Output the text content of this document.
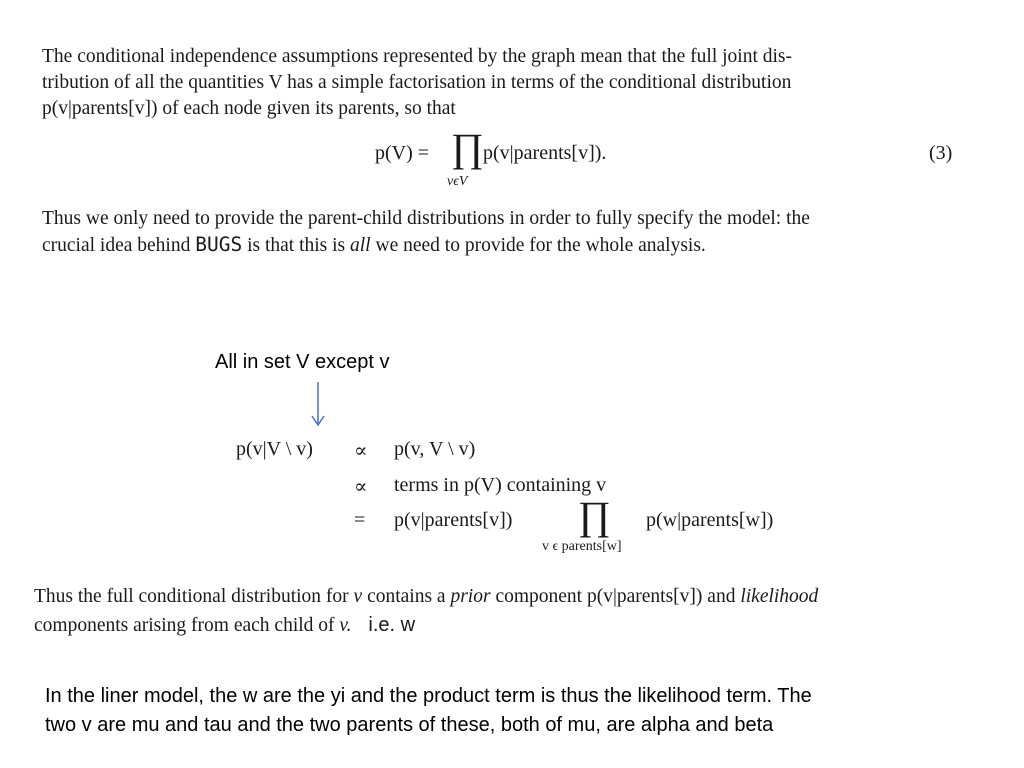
The conditional independence assumptions represented by the graph mean that the full joint dis-
tribution of all the quantities V has a simple factorisation in terms of the conditional distribution
p(v|parents[v]) of each node given its parents, so that
p(V) = ∏
vϵV
p(v|parents[v]).	(3)
Thus we only need to provide the parent-child distributions in order to fully specify the model: the
crucial idea behind BUGS is that this is all we need to provide for the whole analysis.
All in set V except v
p(v|V \ v) ∝ p(v, V \ v)
∝ terms in p(V) containing v
= p(v|parents[v]) ∏
v ϵ parents[w]
p(w|parents[w])
Thus the full conditional distribution for v contains a prior component p(v|parents[v]) and likelihood
components arising from each child of v. i.e. w
In the liner model, the w are the yi and the product term is thus the likelihood term. The
two v are mu and tau and the two parents of these, both of mu, are alpha and beta
